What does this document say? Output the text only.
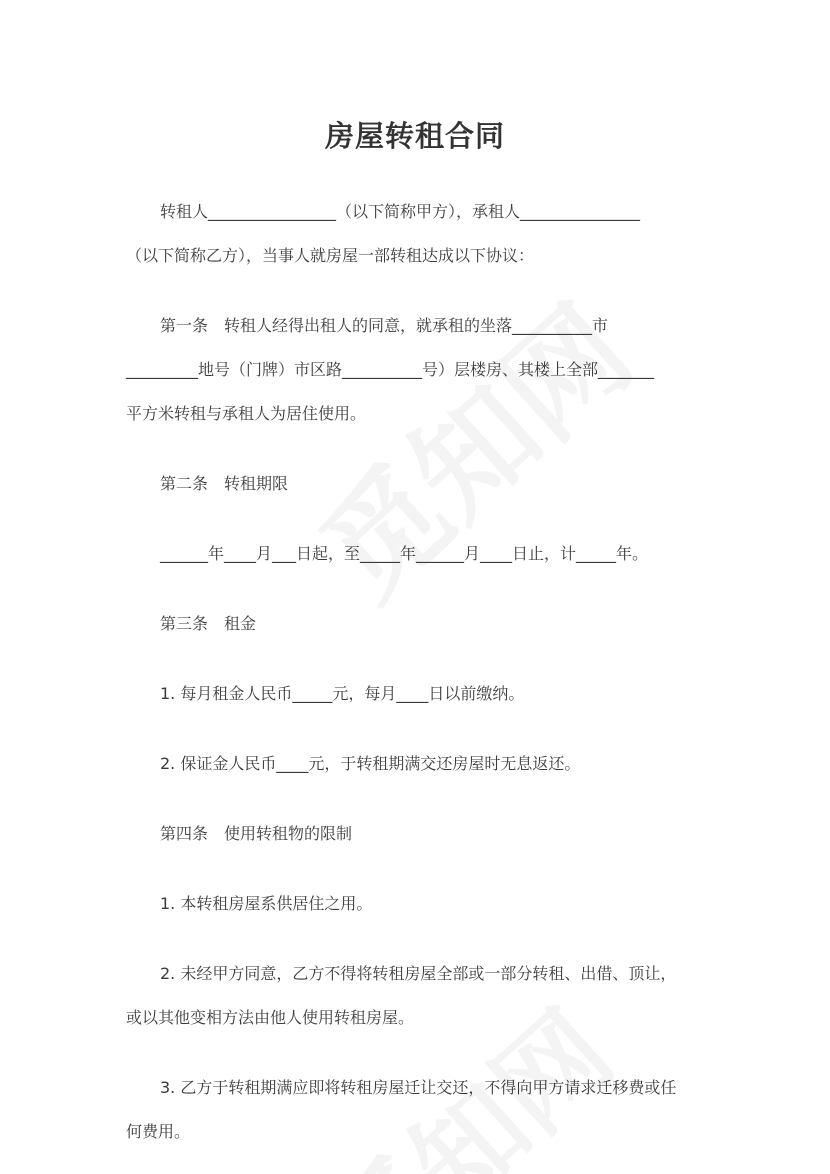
房屋转租合同

转租人________________（以下简称甲方），承租人_______________
（以下简称乙方），当事人就房屋一部转租达成以下协议：

第一条　转租人经得出租人的同意，就承租的坐落__________市
_________地号（门牌）市区路__________号）层楼房、其楼上全部_______
平方米转租与承租人为居住使用。

第二条　转租期限

______年____月___日起，至_____年______月____日止，计_____年。

第三条　租金

1. 每月租金人民币_____元，每月____日以前缴纳。

2. 保证金人民币____元，于转租期满交还房屋时无息返还。

第四条　使用转租物的限制

1. 本转租房屋系供居住之用。

2. 未经甲方同意，乙方不得将转租房屋全部或一部分转租、出借、顶让，
或以其他变相方法由他人使用转租房屋。

3. 乙方于转租期满应即将转租房屋迁让交还，不得向甲方请求迁移费或任
何费用。
